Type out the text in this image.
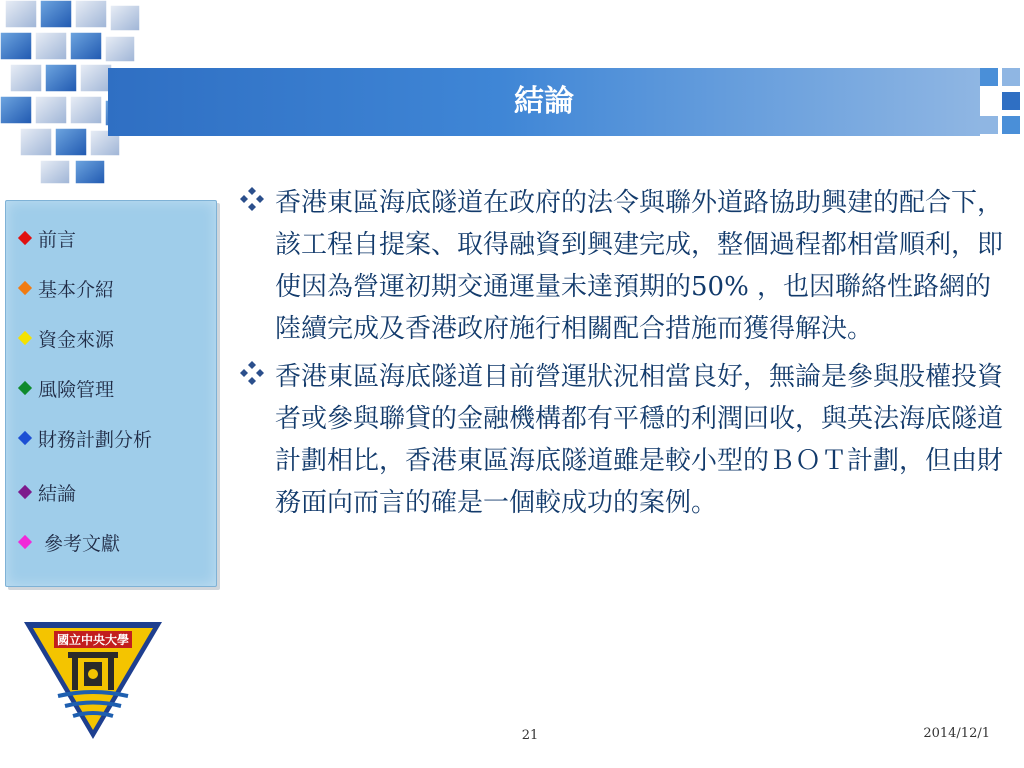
結論
前言
基本介紹
資金來源
風險管理
財務計劃分析
結論
參考文獻
香港東區海底隧道在政府的法令與聯外道路協助興建的配合下，該工程自提案、取得融資到興建完成，整個過程都相當順利，即使因為營運初期交通運量未達預期的50% ，也因聯絡性路網的陸續完成及香港政府施行相關配合措施而獲得解決。
香港東區海底隧道目前營運狀況相當良好，無論是參與股權投資者或參與聯貸的金融機構都有平穩的利潤回收，與英法海底隧道計劃相比，香港東區海底隧道雖是較小型的ＢＯＴ計劃，但由財務面向而言的確是一個較成功的案例。
國立中央大學
21	2014/12/1
